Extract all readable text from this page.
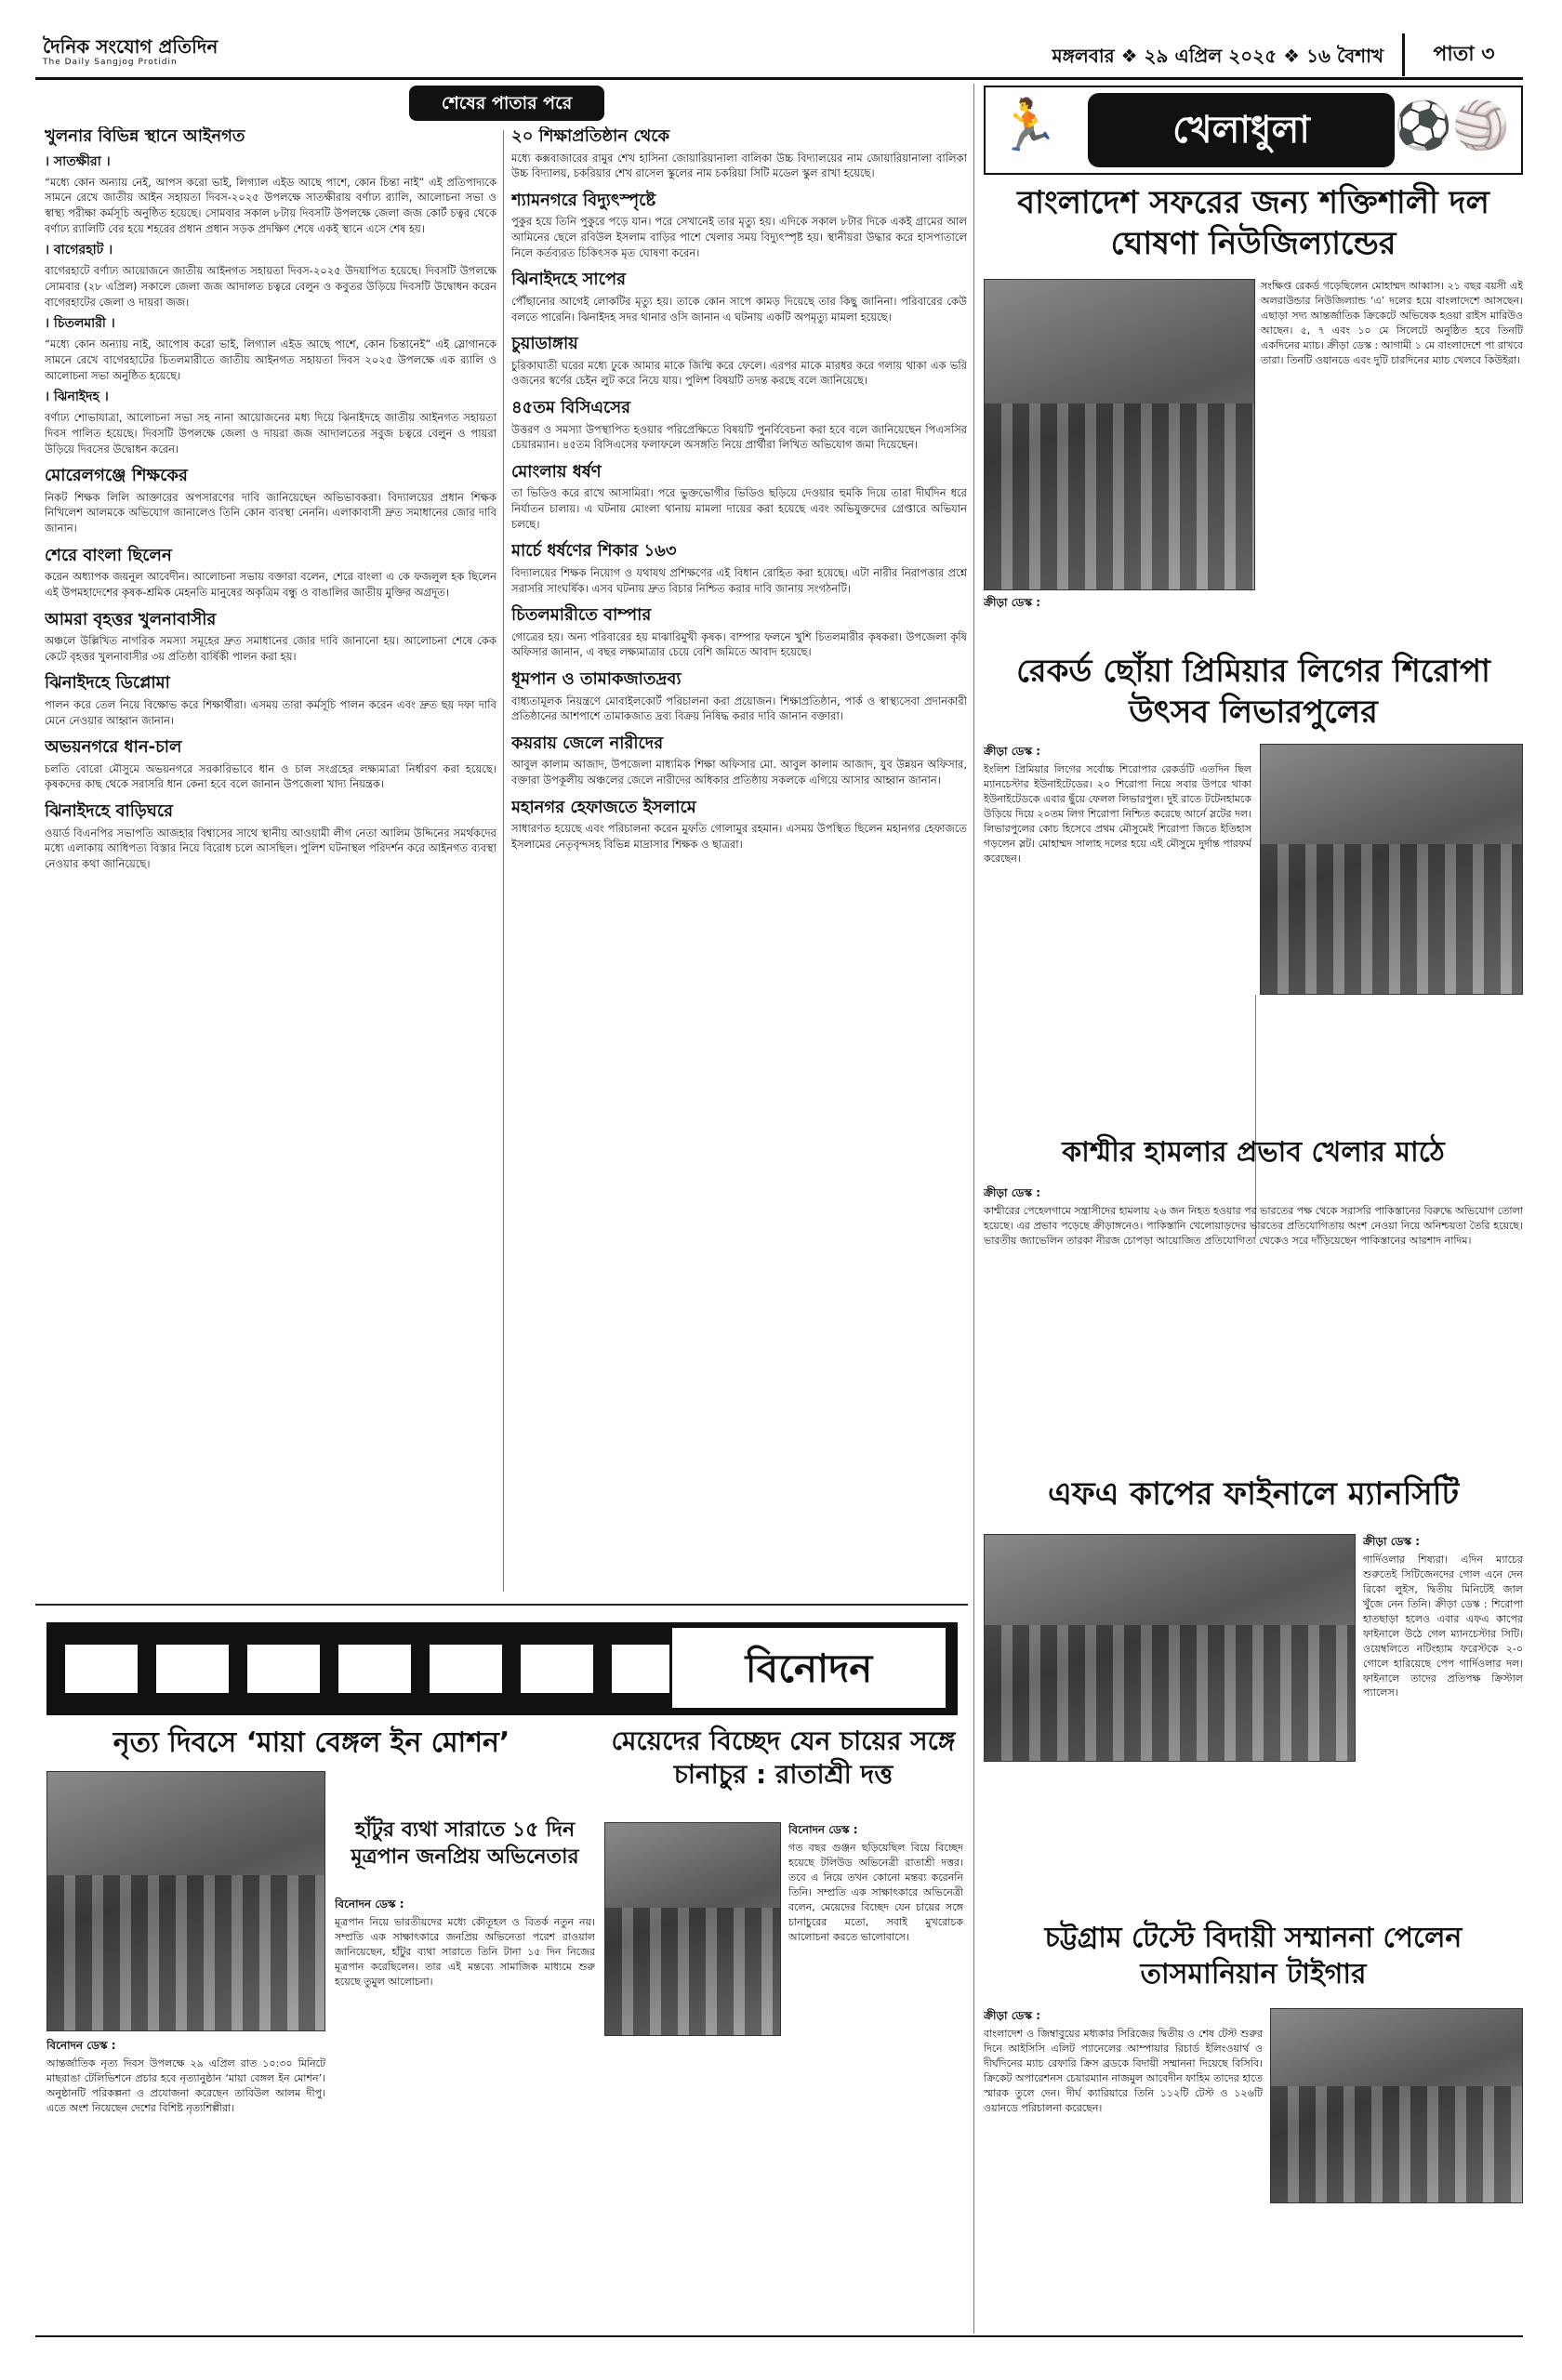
দৈনিক সংযোগ প্রতিদিন
The Daily Sangjog Protidin	মঙ্গলবার ❖ ২৯ এপ্রিল ২০২৫ ❖ ১৬ বৈশাখ	পাতা ৩
শেষের পাতার পরে
খুলনার বিভিন্ন স্থানে আইনগত
। সাতক্ষীরা ।
“মধ্যে কোন অন্যায় নেই, আপস করো ভাই, লিগ্যাল এইড আছে পাশে, কোন চিন্তা নাই” এই প্রতিপাদ্যকে সামনে রেখে জাতীয় আইন সহায়তা দিবস-২০২৫ উপলক্ষে সাতক্ষীরায় বর্ণাঢ্য র‍্যালি, আলোচনা সভা ও স্বাস্থ্য পরীক্ষা কর্মসূচি অনুষ্ঠিত হয়েছে। সোমবার সকাল ৮টায় দিবসটি উপলক্ষে জেলা জজ কোর্ট চত্বর থেকে বর্ণাঢ্য র‍্যালিটি বের হয়ে শহরের প্রধান প্রধান সড়ক প্রদক্ষিণ শেষে একই স্থানে এসে শেষ হয়।
। বাগেরহাট ।
বাগেরহাটে বর্ণাঢ্য আয়োজনে জাতীয় আইনগত সহায়তা দিবস-২০২৫ উদযাপিত হয়েছে। দিবসটি উপলক্ষে সোমবার (২৮ এপ্রিল) সকালে জেলা জজ আদালত চত্বরে বেলুন ও কবুতর উড়িয়ে দিবসটি উদ্বোধন করেন বাগেরহাটের জেলা ও দায়রা জজ।
। চিতলমারী ।
“মধ্যে কোন অন্যায় নাই, আপোষ করো ভাই, লিগ্যাল এইড আছে পাশে, কোন চিন্তানেই” এই স্লোগানকে সামনে রেখে বাগেরহাটের চিতলমারীতে জাতীয় আইনগত সহায়তা দিবস ২০২৫ উপলক্ষে এক র‍্যালি ও আলোচনা সভা অনুষ্ঠিত হয়েছে।
। ঝিনাইদহ ।
বর্ণাঢ্য শোভাযাত্রা, আলোচনা সভা সহ নানা আয়োজনের মধ্য দিয়ে ঝিনাইদহে জাতীয় আইনগত সহায়তা দিবস পালিত হয়েছে। দিবসটি উপলক্ষে জেলা ও দায়রা জজ আদালতের সবুজ চত্বরে বেলুন ও পায়রা উড়িয়ে দিবসের উদ্বোধন করেন।
মোরেলগঞ্জে শিক্ষকের
নিকট শিক্ষক লিলি আক্তারের অপসারণের দাবি জানিয়েছেন অভিভাবকরা। বিদ্যালয়ের প্রধান শিক্ষক নিখিলেশ আলমকে অভিযোগ জানালেও তিনি কোন ব্যবস্থা নেননি। এলাকাবাসী দ্রুত সমাধানের জোর দাবি জানান।
শেরে বাংলা ছিলেন
করেন অধ্যাপক জয়নুল আবেদীন। আলোচনা সভায় বক্তারা বলেন, শেরে বাংলা এ কে ফজলুল হক ছিলেন এই উপমহাদেশের কৃষক-শ্রমিক মেহনতি মানুষের অকৃত্রিম বন্ধু ও বাঙালির জাতীয় মুক্তির অগ্রদূত।
আমরা বৃহত্তর খুলনাবাসীর
অঞ্চলে উল্লিখিত নাগরিক সমস্যা সমূহের দ্রুত সমাধানের জোর দাবি জানানো হয়। আলোচনা শেষে কেক কেটে বৃহত্তর খুলনাবাসীর ৩য় প্রতিষ্ঠা বার্ষিকী পালন করা হয়।
ঝিনাইদহে ডিপ্লোমা
পালন করে তেল নিয়ে বিক্ষোভ করে শিক্ষার্থীরা। এসময় তারা কর্মসূচি পালন করেন এবং দ্রুত ছয় দফা দাবি মেনে নেওয়ার আহ্বান জানান।
অভয়নগরে ধান-চাল
চলতি বোরো মৌসুমে অভয়নগরে সরকারিভাবে ধান ও চাল সংগ্রহের লক্ষ্যমাত্রা নির্ধারণ করা হয়েছে। কৃষকদের কাছ থেকে সরাসরি ধান কেনা হবে বলে জানান উপজেলা খাদ্য নিয়ন্ত্রক।
ঝিনাইদহে বাড়িঘরে
ওয়ার্ড বিএনপির সভাপতি আজহার বিশ্বাসের সাথে স্থানীয় আওয়ামী লীগ নেতা আলিম উদ্দিনের সমর্থকদের মধ্যে এলাকায় আধিপত্য বিস্তার নিয়ে বিরোধ চলে আসছিল। পুলিশ ঘটনাস্থল পরিদর্শন করে আইনগত ব্যবস্থা নেওয়ার কথা জানিয়েছে।
২০ শিক্ষাপ্রতিষ্ঠান থেকে
মধ্যে কক্সবাজারের রামুর শেখ হাসিনা জোয়ারিয়ানালা বালিকা উচ্চ বিদ্যালয়ের নাম জোয়ারিয়ানালা বালিকা উচ্চ বিদ্যালয়, চকরিয়ার শেখ রাসেল স্কুলের নাম চকরিয়া সিটি মডেল স্কুল রাখা হয়েছে।
শ্যামনগরে বিদ্যুৎস্পৃষ্টে
পুকুর হয়ে তিনি পুকুরে পড়ে যান। পরে সেখানেই তার মৃত্যু হয়। এদিকে সকাল ৮টার দিকে একই গ্রামের আল আমিনের ছেলে রবিউল ইসলাম বাড়ির পাশে খেলার সময় বিদ্যুৎস্পৃষ্ট হয়। স্থানীয়রা উদ্ধার করে হাসপাতালে নিলে কর্তব্যরত চিকিৎসক মৃত ঘোষণা করেন।
ঝিনাইদহে সাপের
পৌঁছানোর আগেই লোকটির মৃত্যু হয়। তাকে কোন সাপে কামড় দিয়েছে তার কিছু জানিনা। পরিবারের কেউ বলতে পারেনি। ঝিনাইদহ সদর থানার ওসি জানান এ ঘটনায় একটি অপমৃত্যু মামলা হয়েছে।
চুয়াডাঙ্গায়
চুরিকাঘাতী ঘরের মধ্যে ঢুকে আমার মাকে জিম্মি করে ফেলে। এরপর মাকে মারধর করে গলায় থাকা এক ভরি ওজনের স্বর্ণের চেইন লুট করে নিয়ে যায়। পুলিশ বিষয়টি তদন্ত করছে বলে জানিয়েছে।
৪৫তম বিসিএসের
উত্তরণ ও সমস্যা উপস্থাপিত হওয়ার পরিপ্রেক্ষিতে বিষয়টি পুনর্বিবেচনা করা হবে বলে জানিয়েছেন পিএসসির চেয়ারম্যান। ৪৫তম বিসিএসের ফলাফলে অসঙ্গতি নিয়ে প্রার্থীরা লিখিত অভিযোগ জমা দিয়েছেন।
মোংলায় ধর্ষণ
তা ভিডিও করে রাখে আসামিরা। পরে ভুক্তভোগীর ভিডিও ছড়িয়ে দেওয়ার হুমকি দিয়ে তারা দীর্ঘদিন ধরে নির্যাতন চালায়। এ ঘটনায় মোংলা থানায় মামলা দায়ের করা হয়েছে এবং অভিযুক্তদের গ্রেপ্তারে অভিযান চলছে।
মার্চে ধর্ষণের শিকার ১৬৩
বিদ্যালয়ের শিক্ষক নিয়োগ ও যথাযথ প্রশিক্ষণের এই বিধান রোহিত করা হয়েছে। এটা নারীর নিরাপত্তার প্রশ্নে সরাসরি সাংঘর্ষিক। এসব ঘটনায় দ্রুত বিচার নিশ্চিত করার দাবি জানায় সংগঠনটি।
চিতলমারীতে বাম্পার
গোত্রের হয়। অন্য পরিবারের হয় মাঝারিমুখী কৃষক। বাম্পার ফলনে খুশি চিতলমারীর কৃষকরা। উপজেলা কৃষি অফিসার জানান, এ বছর লক্ষ্যমাত্রার চেয়ে বেশি জমিতে আবাদ হয়েছে।
ধূমপান ও তামাকজাতদ্রব্য
বাধ্যতামূলক নিয়ন্ত্রণে মোবাইলকোর্ট পরিচালনা করা প্রয়োজন। শিক্ষাপ্রতিষ্ঠান, পার্ক ও স্বাস্থ্যসেবা প্রদানকারী প্রতিষ্ঠানের আশপাশে তামাকজাত দ্রব্য বিক্রয় নিষিদ্ধ করার দাবি জানান বক্তারা।
কয়রায় জেলে নারীদের
আবুল কালাম আজাদ, উপজেলা মাধ্যমিক শিক্ষা অফিসার মো. আবুল কালাম আজাদ, যুব উন্নয়ন অফিসার, বক্তারা উপকূলীয় অঞ্চলের জেলে নারীদের অধিকার প্রতিষ্ঠায় সকলকে এগিয়ে আসার আহ্বান জানান।
মহানগর হেফাজতে ইসলামে
সাধারণত হয়েছে এবং পরিচালনা করেন মুফতি গোলামুর রহমান। এসময় উপস্থিত ছিলেন মহানগর হেফাজতে ইসলামের নেতৃবৃন্দসহ বিভিন্ন মাদ্রাসার শিক্ষক ও ছাত্ররা।
বিনোদন
নৃত্য দিবসে ‘মায়া বেঙ্গল ইন মোশন’
বিনোদন ডেস্ক :
আন্তর্জাতিক নৃত্য দিবস উপলক্ষে ২৯ এপ্রিল রাত ১০:৩০ মিনিটে মাছরাঙা টেলিভিশনে প্রচার হবে নৃত্যানুষ্ঠান ‘মায়া বেঙ্গল ইন মোশন’। অনুষ্ঠানটি পরিকল্পনা ও প্রযোজনা করেছেন তাবিউল আলম দীপু। এতে অংশ নিয়েছেন দেশের বিশিষ্ট নৃত্যশিল্পীরা।
হাঁটুর ব্যথা সারাতে ১৫ দিন মূত্রপান জনপ্রিয় অভিনেতার
বিনোদন ডেস্ক :
মূত্রপান নিয়ে ভারতীয়দের মধ্যে কৌতূহল ও বিতর্ক নতুন নয়। সম্প্রতি এক সাক্ষাৎকারে জনপ্রিয় অভিনেতা পরেশ রাওয়াল জানিয়েছেন, হাঁটুর ব্যথা সারাতে তিনি টানা ১৫ দিন নিজের মূত্রপান করেছিলেন। তার এই মন্তব্যে সামাজিক মাধ্যমে শুরু হয়েছে তুমুল আলোচনা।
মেয়েদের বিচ্ছেদ যেন চায়ের সঙ্গে চানাচুর : রাতাশ্রী দত্ত
বিনোদন ডেস্ক :
গত বছর গুঞ্জন ছড়িয়েছিল বিয়ে বিচ্ছেদ হয়েছে টলিউড অভিনেত্রী রাতাশ্রী দত্তর। তবে এ নিয়ে তখন কোনো মন্তব্য করেননি তিনি। সম্প্রতি এক সাক্ষাৎকারে অভিনেত্রী বলেন, মেয়েদের বিচ্ছেদ যেন চায়ের সঙ্গে চানাচুরের মতো, সবাই মুখরোচক আলোচনা করতে ভালোবাসে।
🏃	খেলাধুলা	⚽🏐
বাংলাদেশ সফরের জন্য শক্তিশালী দল ঘোষণা নিউজিল্যান্ডের
ক্রীড়া ডেস্ক :
সংক্ষিপ্ত রেকর্ড গড়েছিলেন মোহাম্মদ আব্বাস। ২১ বছর বয়সী এই অলরাউন্ডার নিউজিল্যান্ড ‘এ’ দলের হয়ে বাংলাদেশে আসছেন। এছাড়া সদ্য আন্তর্জাতিক ক্রিকেটে অভিষেক হওয়া রাইস মারিউও আছেন। ৫, ৭ এবং ১০ মে সিলেটে অনুষ্ঠিত হবে তিনটি একদিনের ম্যাচ। ক্রীড়া ডেস্ক : আগামী ১ মে বাংলাদেশে পা রাখবে তারা। তিনটি ওয়ানডে এবং দুটি চারদিনের ম্যাচ খেলবে কিউইরা।
রেকর্ড ছোঁয়া প্রিমিয়ার লিগের শিরোপা উৎসব লিভারপুলের
ক্রীড়া ডেস্ক :
ইংলিশ প্রিমিয়ার লিগের সর্বোচ্চ শিরোপার রেকর্ডটি এতদিন ছিল ম্যানচেস্টার ইউনাইটেডের। ২০ শিরোপা নিয়ে সবার উপরে থাকা ইউনাইটেডকে এবার ছুঁয়ে ফেলল লিভারপুল। দুই রাতে টটেনহামকে উড়িয়ে দিয়ে ২০তম লিগ শিরোপা নিশ্চিত করেছে আর্নে স্লটের দল। লিভারপুলের কোচ হিসেবে প্রথম মৌসুমেই শিরোপা জিতে ইতিহাস গড়লেন স্লট। মোহাম্মদ সালাহ দলের হয়ে এই মৌসুমে দুর্দান্ত পারফর্ম করেছেন।
কাশ্মীর হামলার প্রভাব খেলার মাঠে
ক্রীড়া ডেস্ক :
কাশ্মীরের পেহেলগামে সন্ত্রাসীদের হামলায় ২৬ জন নিহত হওয়ার পর ভারতের পক্ষ থেকে সরাসরি পাকিস্তানের বিরুদ্ধে অভিযোগ তোলা হয়েছে। এর প্রভাব পড়েছে ক্রীড়াঙ্গনেও। পাকিস্তানি খেলোয়াড়দের ভারতের প্রতিযোগিতায় অংশ নেওয়া নিয়ে অনিশ্চয়তা তৈরি হয়েছে। ভারতীয় জ্যাভেলিন তারকা নীরজ চোপড়া আয়োজিত প্রতিযোগিতা থেকেও সরে দাঁড়িয়েছেন পাকিস্তানের আরশাদ নাদিম।
এফএ কাপের ফাইনালে ম্যানসিটি
ক্রীড়া ডেস্ক :
গার্দিওলার শিষ্যরা। এদিন ম্যাচের শুরুতেই সিটিজেনদের গোল এনে দেন রিকো লুইস, দ্বিতীয় মিনিটেই জাল খুঁজে নেন তিনি। ক্রীড়া ডেস্ক : শিরোপা হাতছাড়া হলেও এবার এফএ কাপের ফাইনালে উঠে গেল ম্যানচেস্টার সিটি। ওয়েম্বলিতে নটিংহ্যাম ফরেস্টকে ২-০ গোলে হারিয়েছে পেপ গার্দিওলার দল। ফাইনালে তাদের প্রতিপক্ষ ক্রিস্টাল প্যালেস।
চট্টগ্রাম টেস্টে বিদায়ী সম্মাননা পেলেন তাসমানিয়ান টাইগার
ক্রীড়া ডেস্ক :
বাংলাদেশ ও জিম্বাবুয়ের মধ্যকার সিরিজের দ্বিতীয় ও শেষ টেস্ট শুরুর দিনে আইসিসি এলিট প্যানেলের আম্পায়ার রিচার্ড ইলিংওয়ার্থ ও দীর্ঘদিনের ম্যাচ রেফারি ক্রিস ব্রডকে বিদায়ী সম্মাননা দিয়েছে বিসিবি। ক্রিকেট অপারেশনস চেয়ারম্যান নাজমুল আবেদীন ফাহিম তাদের হাতে স্মারক তুলে দেন। দীর্ঘ ক্যারিয়ারে তিনি ১১২টি টেস্ট ও ১২৬টি ওয়ানডে পরিচালনা করেছেন।
